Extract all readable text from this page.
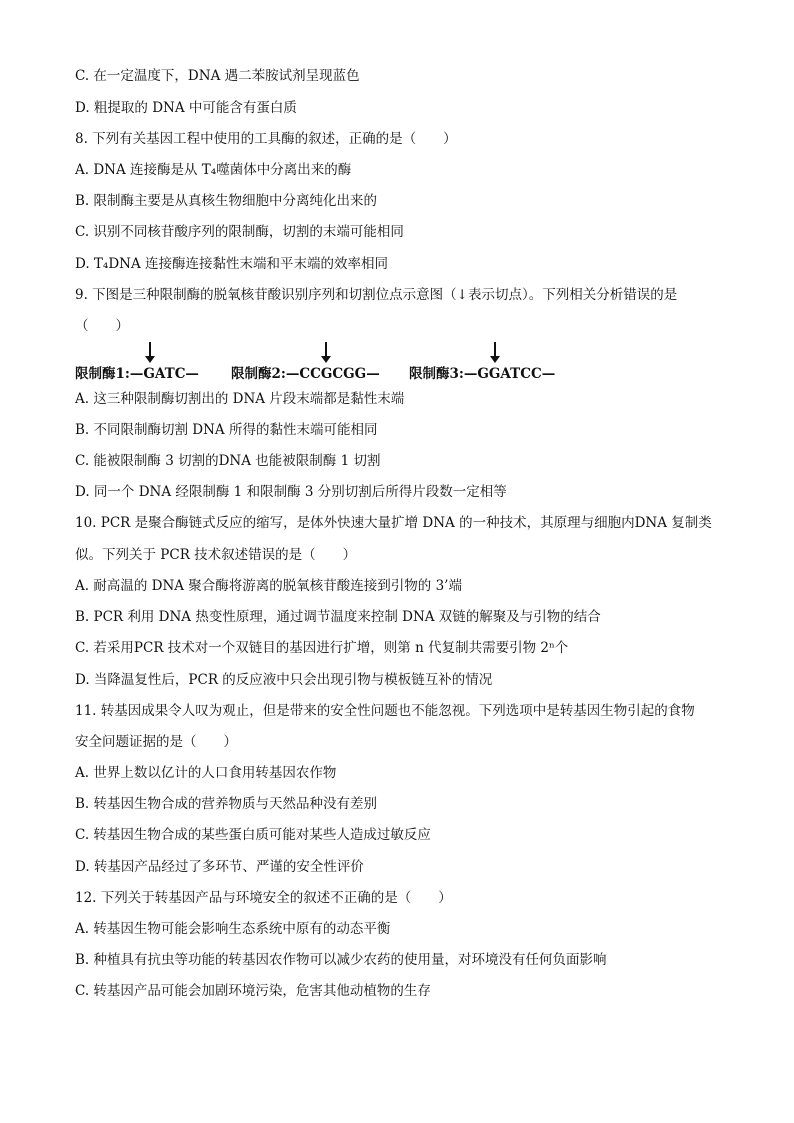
C. 在一定温度下，DNA 遇二苯胺试剂呈现蓝色
D. 粗提取的 DNA 中可能含有蛋白质
8. 下列有关基因工程中使用的工具酶的叙述，正确的是（　　）
A. DNA 连接酶是从 T₄噬菌体中分离出来的酶
B. 限制酶主要是从真核生物细胞中分离纯化出来的
C. 识别不同核苷酸序列的限制酶，切割的末端可能相同
D. T₄DNA 连接酶连接黏性末端和平末端的效率相同
9. 下图是三种限制酶的脱氧核苷酸识别序列和切割位点示意图（↓表示切点）。下列相关分析错误的是
（　　）
限制酶1:—GATC— 限制酶2:—CCGCGG— 限制酶3:—GGATCC—
A. 这三种限制酶切割出的 DNA 片段末端都是黏性末端
B. 不同限制酶切割 DNA 所得的黏性末端可能相同
C. 能被限制酶 3 切割的DNA 也能被限制酶 1 切割
D. 同一个 DNA 经限制酶 1 和限制酶 3 分别切割后所得片段数一定相等
10. PCR 是聚合酶链式反应的缩写，是体外快速大量扩增 DNA 的一种技术，其原理与细胞内DNA 复制类
似。下列关于 PCR 技术叙述错误的是（　　）
A. 耐高温的 DNA 聚合酶将游离的脱氧核苷酸连接到引物的 3’端
B. PCR 利用 DNA 热变性原理，通过调节温度来控制 DNA 双链的解聚及与引物的结合
C. 若采用PCR 技术对一个双链目的基因进行扩增，则第 n 代复制共需要引物 2ⁿ个
D. 当降温复性后，PCR 的反应液中只会出现引物与模板链互补的情况
11. 转基因成果令人叹为观止，但是带来的安全性问题也不能忽视。下列选项中是转基因生物引起的食物
安全问题证据的是（　　）
A. 世界上数以亿计的人口食用转基因农作物
B. 转基因生物合成的营养物质与天然品种没有差别
C. 转基因生物合成的某些蛋白质可能对某些人造成过敏反应
D. 转基因产品经过了多环节、严谨的安全性评价
12. 下列关于转基因产品与环境安全的叙述不正确的是（　　）
A. 转基因生物可能会影响生态系统中原有的动态平衡
B. 种植具有抗虫等功能的转基因农作物可以减少农药的使用量，对环境没有任何负面影响
C. 转基因产品可能会加剧环境污染，危害其他动植物的生存
